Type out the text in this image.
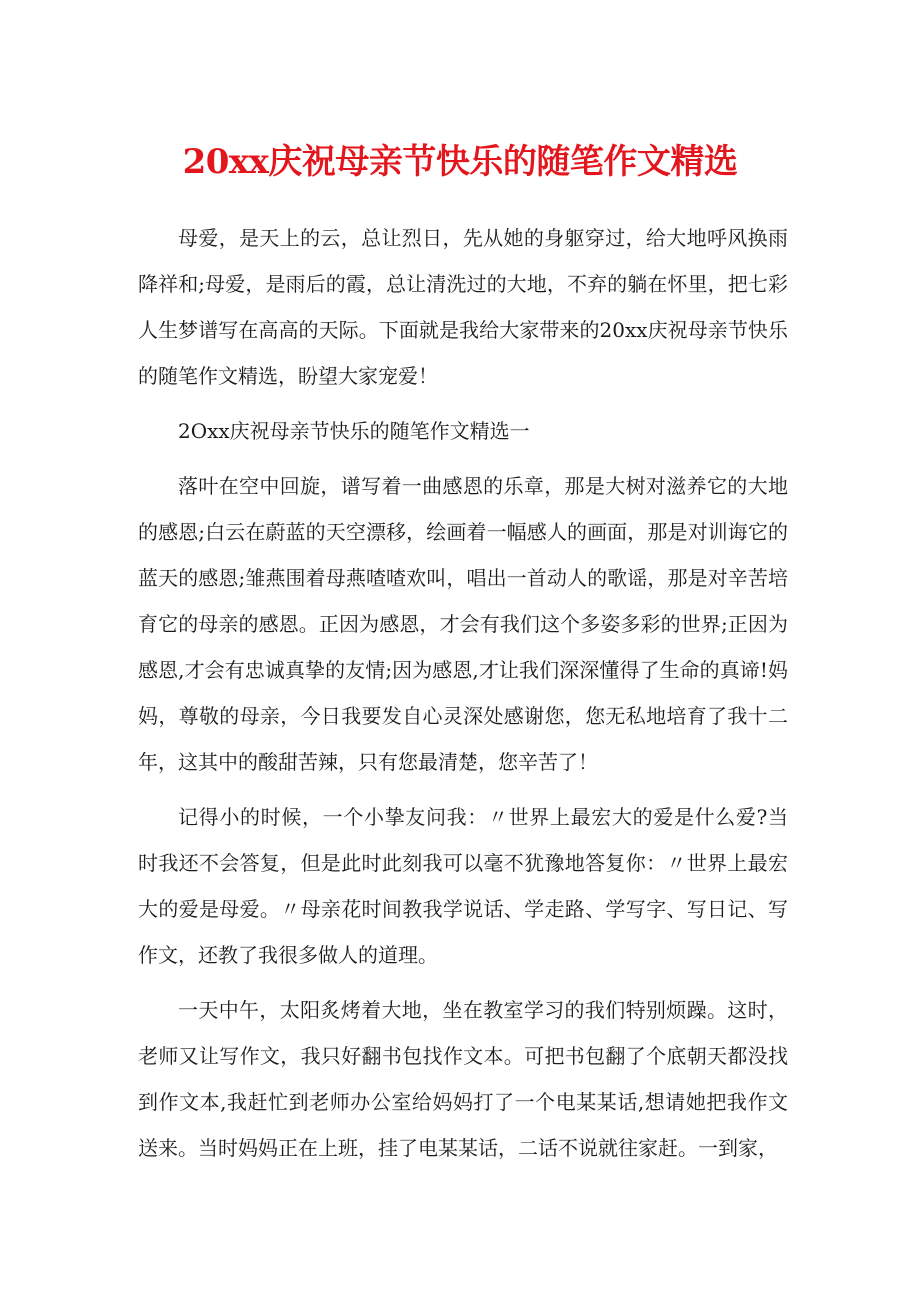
20xx庆祝母亲节快乐的随笔作文精选

母爱，是天上的云，总让烈日，先从她的身躯穿过，给大地呼风换雨降祥和;母爱，是雨后的霞，总让清洗过的大地，不弃的躺在怀里，把七彩人生梦谱写在高高的天际。下面就是我给大家带来的20xx庆祝母亲节快乐的随笔作文精选，盼望大家宠爱！

2Oxx庆祝母亲节快乐的随笔作文精选一

落叶在空中回旋，谱写着一曲感恩的乐章，那是大树对滋养它的大地的感恩;白云在蔚蓝的天空漂移，绘画着一幅感人的画面，那是对训诲它的蓝天的感恩;雏燕围着母燕喳喳欢叫，唱出一首动人的歌谣，那是对辛苦培育它的母亲的感恩。正因为感恩，才会有我们这个多姿多彩的世界;正因为感恩,才会有忠诚真挚的友情;因为感恩,才让我们深深懂得了生命的真谛!妈妈，尊敬的母亲，今日我要发自心灵深处感谢您，您无私地培育了我十二年，这其中的酸甜苦辣，只有您最清楚，您辛苦了！

记得小的时候，一个小挚友问我：〃世界上最宏大的爱是什么爱?当时我还不会答复，但是此时此刻我可以毫不犹豫地答复你：〃世界上最宏大的爱是母爱。〃母亲花时间教我学说话、学走路、学写字、写日记、写作文，还教了我很多做人的道理。

一天中午，太阳炙烤着大地，坐在教室学习的我们特别烦躁。这时，老师又让写作文，我只好翻书包找作文本。可把书包翻了个底朝天都没找到作文本,我赶忙到老师办公室给妈妈打了一个电某某话,想请她把我作文送来。当时妈妈正在上班，挂了电某某话，二话不说就往家赶。一到家，
